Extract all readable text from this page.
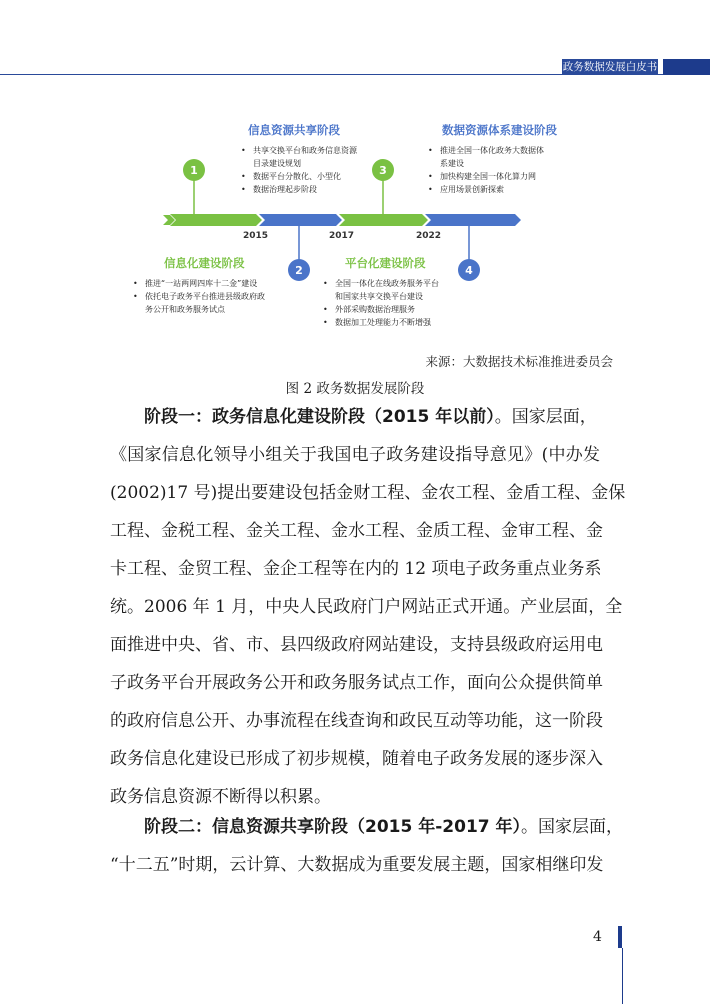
政务数据发展白皮书
1
2
3
4
2015	2017	2022
信息资源共享阶段
• 共享交换平台和政务信息资源
目录建设规划
• 数据平台分散化、小型化
• 数据治理起步阶段
数据资源体系建设阶段
• 推进全国一体化政务大数据体
系建设
• 加快构建全国一体化算力网
• 应用场景创新探索
信息化建设阶段
• 推进“一站两网四库十二金”建设
• 依托电子政务平台推进县级政府政
务公开和政务服务试点
平台化建设阶段
• 全国一体化在线政务服务平台
和国家共享交换平台建设
• 外部采购数据治理服务
• 数据加工处理能力不断增强
来源：大数据技术标准推进委员会
图 2 政务数据发展阶段
阶段一：政务信息化建设阶段（2015 年以前）。国家层面，
《国家信息化领导小组关于我国电子政务建设指导意见》(中办发
(2002)17 号)提出要建设包括金财工程、金农工程、金盾工程、金保
工程、金税工程、金关工程、金水工程、金质工程、金审工程、金
卡工程、金贸工程、金企工程等在内的 12 项电子政务重点业务系
统。2006 年 1 月，中央人民政府门户网站正式开通。产业层面，全
面推进中央、省、市、县四级政府网站建设，支持县级政府运用电
子政务平台开展政务公开和政务服务试点工作，面向公众提供简单
的政府信息公开、办事流程在线查询和政民互动等功能，这一阶段
政务信息化建设已形成了初步规模，随着电子政务发展的逐步深入
政务信息资源不断得以积累。
阶段二：信息资源共享阶段（2015 年-2017 年）。国家层面，
“十二五”时期，云计算、大数据成为重要发展主题，国家相继印发
4
